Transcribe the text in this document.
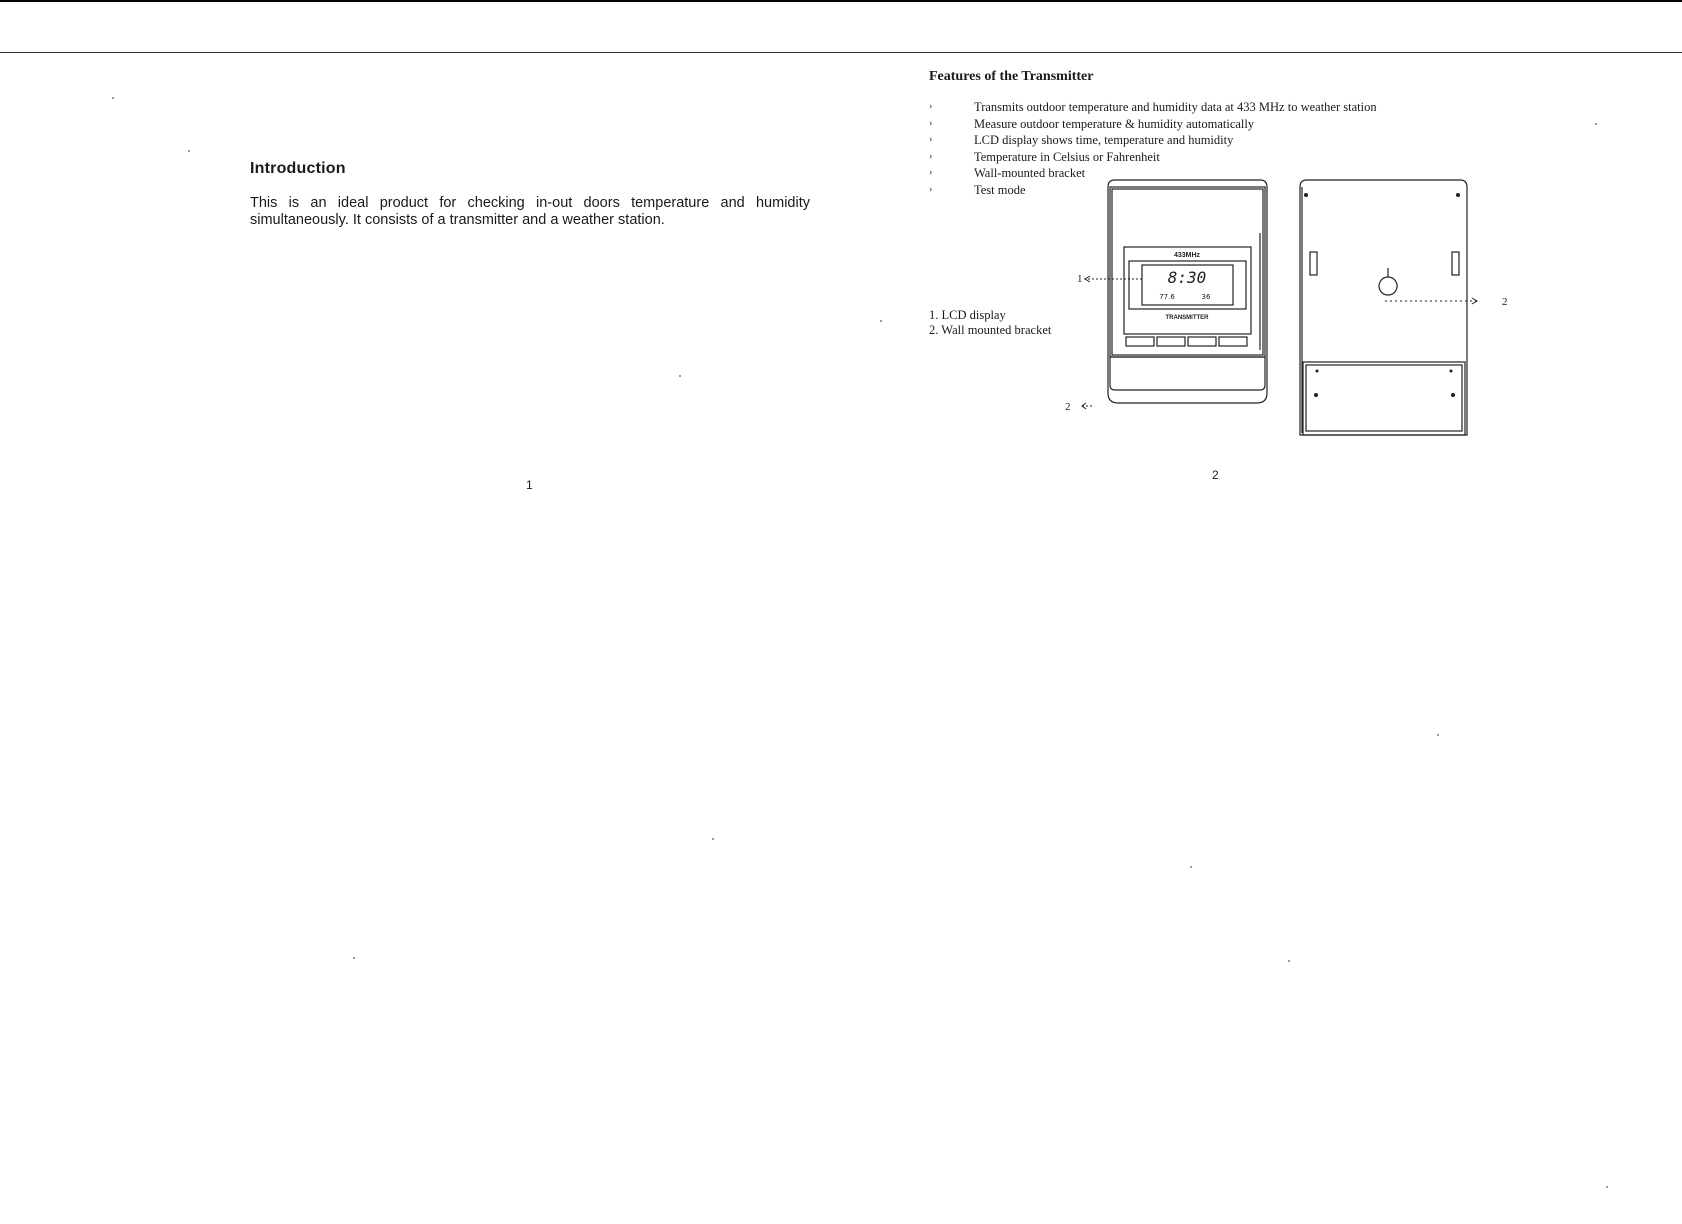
Introduction
This is an ideal product for checking in-out doors temperature and humidity simultaneously. It consists of a transmitter and a weather station.
1
Features of the Transmitter
›	Transmits outdoor temperature and humidity data at 433 MHz to weather station
›	Measure outdoor temperature & humidity automatically
›	LCD display shows time, temperature and humidity
›	Temperature in Celsius or Fahrenheit
›	Wall-mounted bracket
›	Test mode
1. LCD display
2. Wall mounted bracket
433MHz
8:30
77.6	36
TRANSMITTER
1
2
2
2
